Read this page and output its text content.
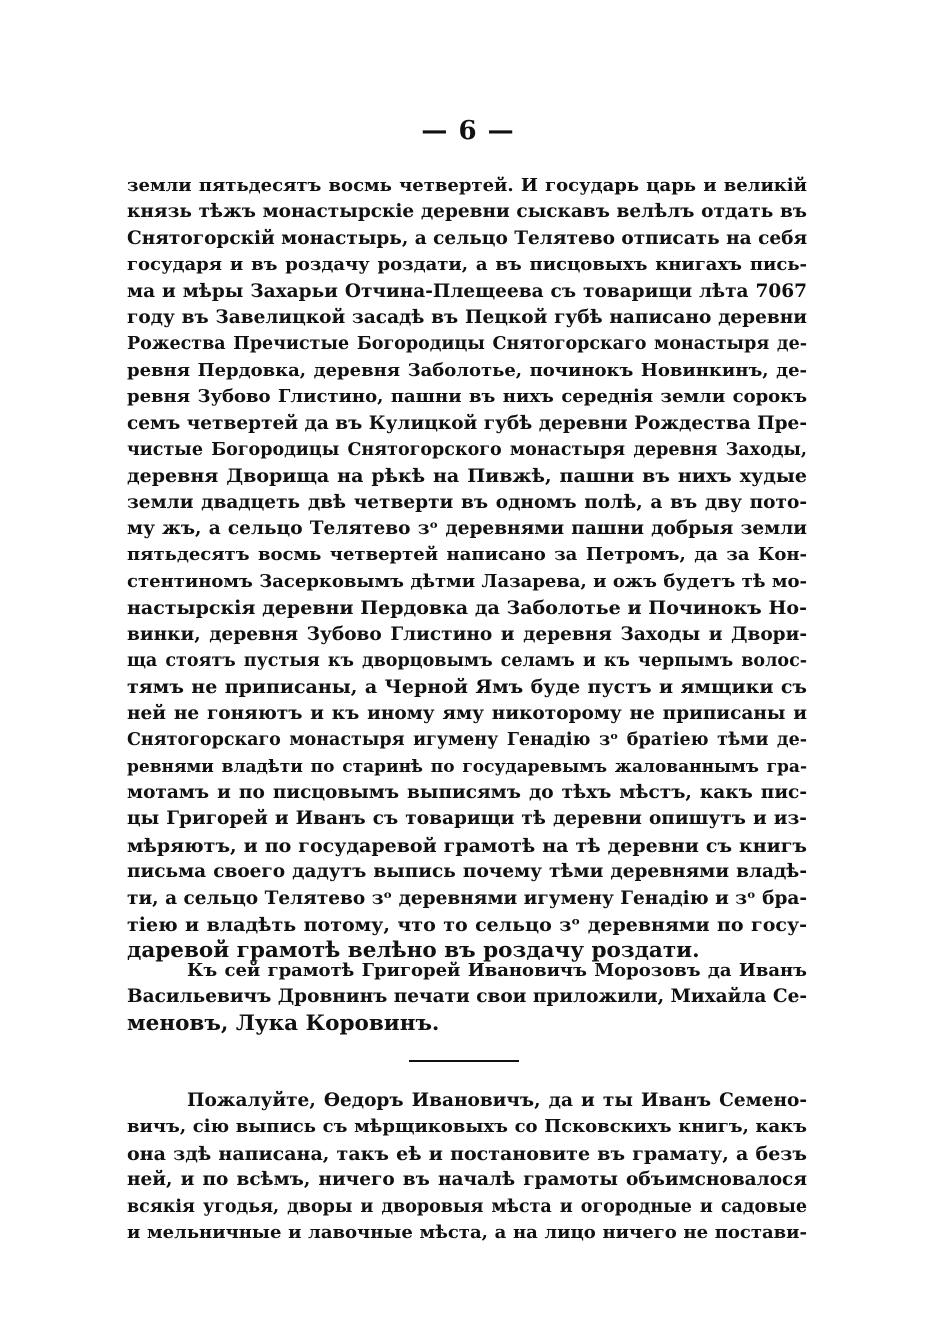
— 6 —
земли пятьдесятъ восмь четвертей. И государь царь и великій
князь тѣжъ монастырскіе деревни сыскавъ велѣлъ отдать въ
Снятогорскій монастырь, а сельцо Телятево отписать на себя
государя и въ роздачу роздати, а въ писцовыхъ книгахъ пись-
ма и мѣры Захарьи Отчина-Плещеева съ товарищи лѣта 7067
году въ Завелицкой засадѣ въ Пецкой губѣ написано деревни
Рожества Пречистые Богородицы Снятогорскаго монастыря де-
ревня Пердовка, деревня Заболотье, починокъ Новинкинъ, де-
ревня Зубово Глистино, пашни въ нихъ середнія земли сорокъ
семъ четвертей да въ Кулицкой губѣ деревни Рождества Пре-
чистые Богородицы Снятогорского монастыря деревня Заходы,
деревня Дворища на рѣкѣ на Пивжѣ, пашни въ нихъ худые
земли двадцеть двѣ четверти въ одномъ полѣ, а въ дву пото-
му жъ, а сельцо Телятево зᵒ деревнями пашни добрыя земли
пятьдесятъ восмь четвертей написано за Петромъ, да за Кон-
стентиномъ Засерковымъ дѣтми Лазарева, и ожъ будетъ тѣ мо-
настырскія деревни Пердовка да Заболотье и Починокъ Но-
винки, деревня Зубово Глистино и деревня Заходы и Двори-
ща стоятъ пустыя къ дворцовымъ селамъ и къ черпымъ волос-
тямъ не приписаны, а Черной Ямъ буде пустъ и ямщики съ
ней не гоняютъ и къ иному яму никоторому не приписаны и
Снятогорскаго монастыря игумену Генадію зᵒ братіею тѣми де-
ревнями владѣти по старинѣ по государевымъ жалованнымъ гра-
мотамъ и по писцовымъ выписямъ до тѣхъ мѣстъ, какъ пис-
цы Григорей и Иванъ съ товарищи тѣ деревни опишутъ и из-
мѣряютъ, и по государевой грамотѣ на тѣ деревни съ книгъ
письма своего дадутъ выпись почему тѣми деревнями владѣ-
ти, а сельцо Телятево зᵒ деревнями игумену Генадію и зᵒ бра-
тіею и владѣть потому, что то сельцо зᵒ деревнями по госу-
даревой грамотѣ велѣно въ роздачу роздати.
Къ сей грамотѣ Григорей Ивановичъ Морозовъ да Иванъ
Васильевичъ Дровнинъ печати свои приложили, Михайла Се-
меновъ, Лука Коровинъ.
Пожалуйте, Ѳедоръ Ивановичъ, да и ты Иванъ Семено-
вичъ, сію выпись съ мѣрщиковыхъ со Псковскихъ книгъ, какъ
она здѣ написана, такъ еѣ и постановите въ грамату, а безъ
ней, и по всѣмъ, ничего въ началѣ грамоты объимсновалося
всякія угодья, дворы и дворовыя мѣста и огородные и садовые
и мельничные и лавочные мѣста, а на лицо ничего не постави-
